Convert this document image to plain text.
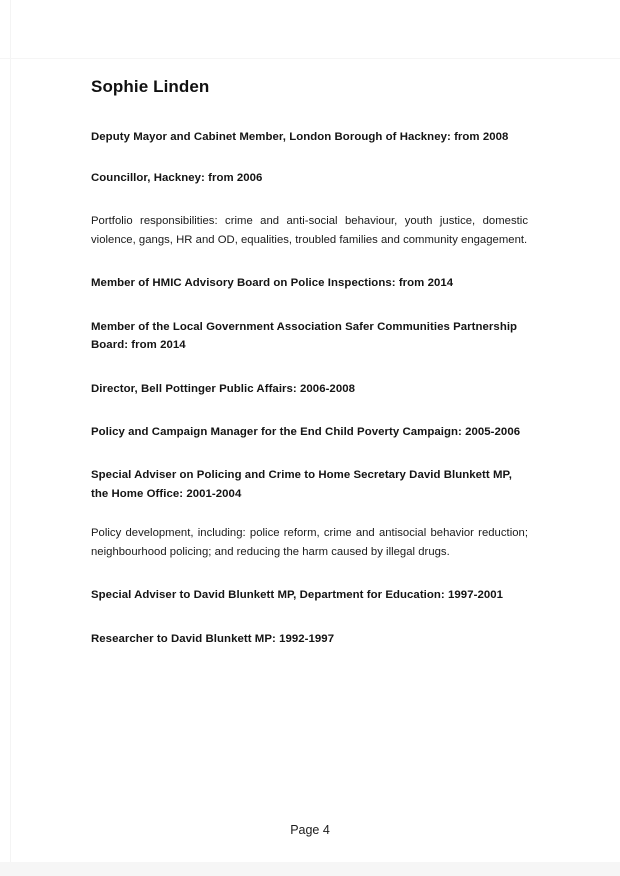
Sophie Linden

Deputy Mayor and Cabinet Member, London Borough of Hackney: from 2008

Councillor, Hackney: from 2006

Portfolio responsibilities: crime and anti-social behaviour, youth justice, domestic violence, gangs, HR and OD, equalities, troubled families and community engagement.

Member of HMIC Advisory Board on Police Inspections: from 2014

Member of the Local Government Association Safer Communities Partnership Board: from 2014

Director, Bell Pottinger Public Affairs: 2006-2008

Policy and Campaign Manager for the End Child Poverty Campaign: 2005-2006

Special Adviser on Policing and Crime to Home Secretary David Blunkett MP, the Home Office: 2001-2004

Policy development, including: police reform, crime and antisocial behavior reduction; neighbourhood policing; and reducing the harm caused by illegal drugs.

Special Adviser to David Blunkett MP, Department for Education: 1997-2001

Researcher to David Blunkett MP: 1992-1997

Page 4
